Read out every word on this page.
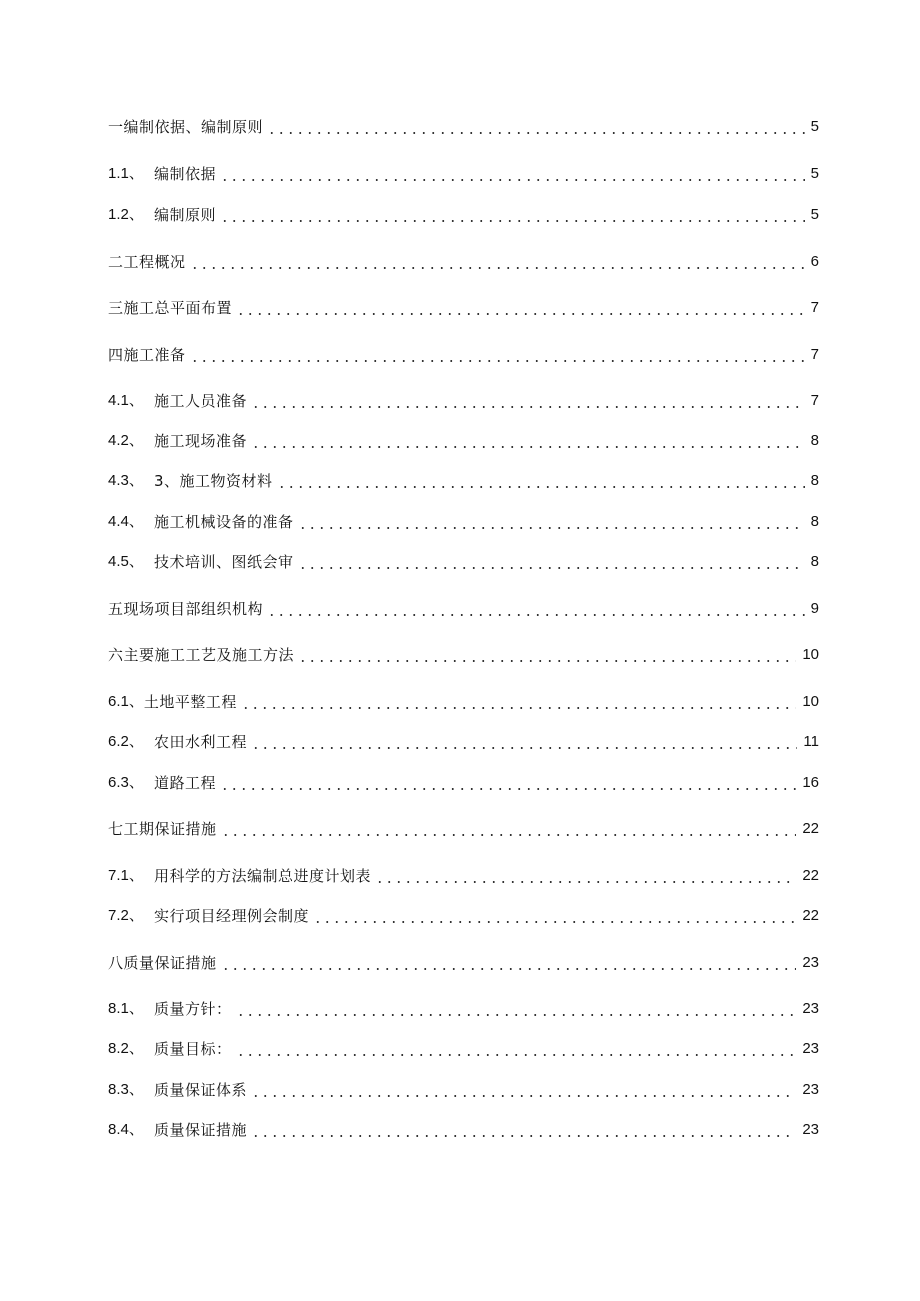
一编制依据、编制原则	5
1.1、 编制依据	5
1.2、 编制原则	5
二工程概况	6
三施工总平面布置	7
四施工准备	7
4.1、 施工人员准备	7
4.2、 施工现场准备	8
4.3、 3、施工物资材料	8
4.4、 施工机械设备的准备	8
4.5、 技术培训、图纸会审	8
五现场项目部组织机构	9
六主要施工工艺及施工方法	10
6.1、 土地平整工程	10
6.2、 农田水利工程	11
6.3、 道路工程	16
七工期保证措施	22
7.1、 用科学的方法编制总进度计划表	22
7.2、 实行项目经理例会制度	22
八质量保证措施	23
8.1、 质量方针：	23
8.2、 质量目标：	23
8.3、 质量保证体系	23
8.4、 质量保证措施	23
